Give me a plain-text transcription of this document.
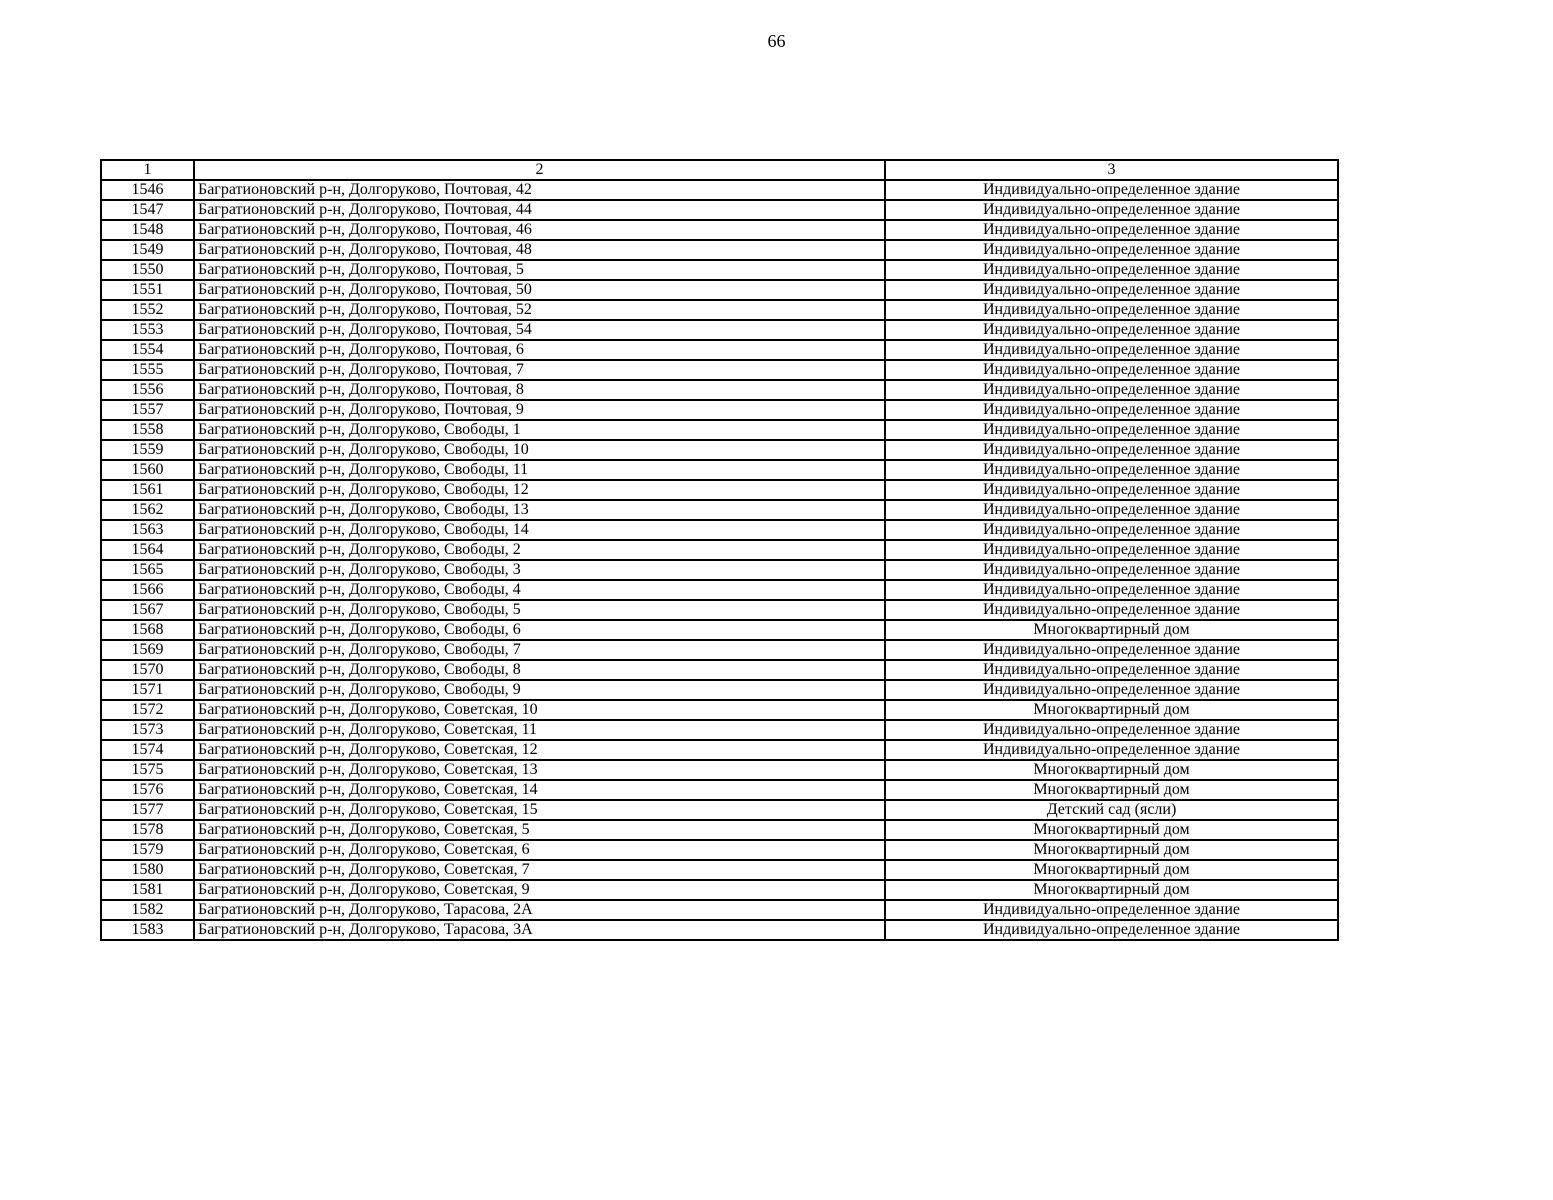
66
1	2	3
1546	Багратионовский р-н, Долгоруково, Почтовая, 42	Индивидуально-определенное здание
1547	Багратионовский р-н, Долгоруково, Почтовая, 44	Индивидуально-определенное здание
1548	Багратионовский р-н, Долгоруково, Почтовая, 46	Индивидуально-определенное здание
1549	Багратионовский р-н, Долгоруково, Почтовая, 48	Индивидуально-определенное здание
1550	Багратионовский р-н, Долгоруково, Почтовая, 5	Индивидуально-определенное здание
1551	Багратионовский р-н, Долгоруково, Почтовая, 50	Индивидуально-определенное здание
1552	Багратионовский р-н, Долгоруково, Почтовая, 52	Индивидуально-определенное здание
1553	Багратионовский р-н, Долгоруково, Почтовая, 54	Индивидуально-определенное здание
1554	Багратионовский р-н, Долгоруково, Почтовая, 6	Индивидуально-определенное здание
1555	Багратионовский р-н, Долгоруково, Почтовая, 7	Индивидуально-определенное здание
1556	Багратионовский р-н, Долгоруково, Почтовая, 8	Индивидуально-определенное здание
1557	Багратионовский р-н, Долгоруково, Почтовая, 9	Индивидуально-определенное здание
1558	Багратионовский р-н, Долгоруково, Свободы, 1	Индивидуально-определенное здание
1559	Багратионовский р-н, Долгоруково, Свободы, 10	Индивидуально-определенное здание
1560	Багратионовский р-н, Долгоруково, Свободы, 11	Индивидуально-определенное здание
1561	Багратионовский р-н, Долгоруково, Свободы, 12	Индивидуально-определенное здание
1562	Багратионовский р-н, Долгоруково, Свободы, 13	Индивидуально-определенное здание
1563	Багратионовский р-н, Долгоруково, Свободы, 14	Индивидуально-определенное здание
1564	Багратионовский р-н, Долгоруково, Свободы, 2	Индивидуально-определенное здание
1565	Багратионовский р-н, Долгоруково, Свободы, 3	Индивидуально-определенное здание
1566	Багратионовский р-н, Долгоруково, Свободы, 4	Индивидуально-определенное здание
1567	Багратионовский р-н, Долгоруково, Свободы, 5	Индивидуально-определенное здание
1568	Багратионовский р-н, Долгоруково, Свободы, 6	Многоквартирный дом
1569	Багратионовский р-н, Долгоруково, Свободы, 7	Индивидуально-определенное здание
1570	Багратионовский р-н, Долгоруково, Свободы, 8	Индивидуально-определенное здание
1571	Багратионовский р-н, Долгоруково, Свободы, 9	Индивидуально-определенное здание
1572	Багратионовский р-н, Долгоруково, Советская, 10	Многоквартирный дом
1573	Багратионовский р-н, Долгоруково, Советская, 11	Индивидуально-определенное здание
1574	Багратионовский р-н, Долгоруково, Советская, 12	Индивидуально-определенное здание
1575	Багратионовский р-н, Долгоруково, Советская, 13	Многоквартирный дом
1576	Багратионовский р-н, Долгоруково, Советская, 14	Многоквартирный дом
1577	Багратионовский р-н, Долгоруково, Советская, 15	Детский сад (ясли)
1578	Багратионовский р-н, Долгоруково, Советская, 5	Многоквартирный дом
1579	Багратионовский р-н, Долгоруково, Советская, 6	Многоквартирный дом
1580	Багратионовский р-н, Долгоруково, Советская, 7	Многоквартирный дом
1581	Багратионовский р-н, Долгоруково, Советская, 9	Многоквартирный дом
1582	Багратионовский р-н, Долгоруково, Тарасова, 2А	Индивидуально-определенное здание
1583	Багратионовский р-н, Долгоруково, Тарасова, 3А	Индивидуально-определенное здание
